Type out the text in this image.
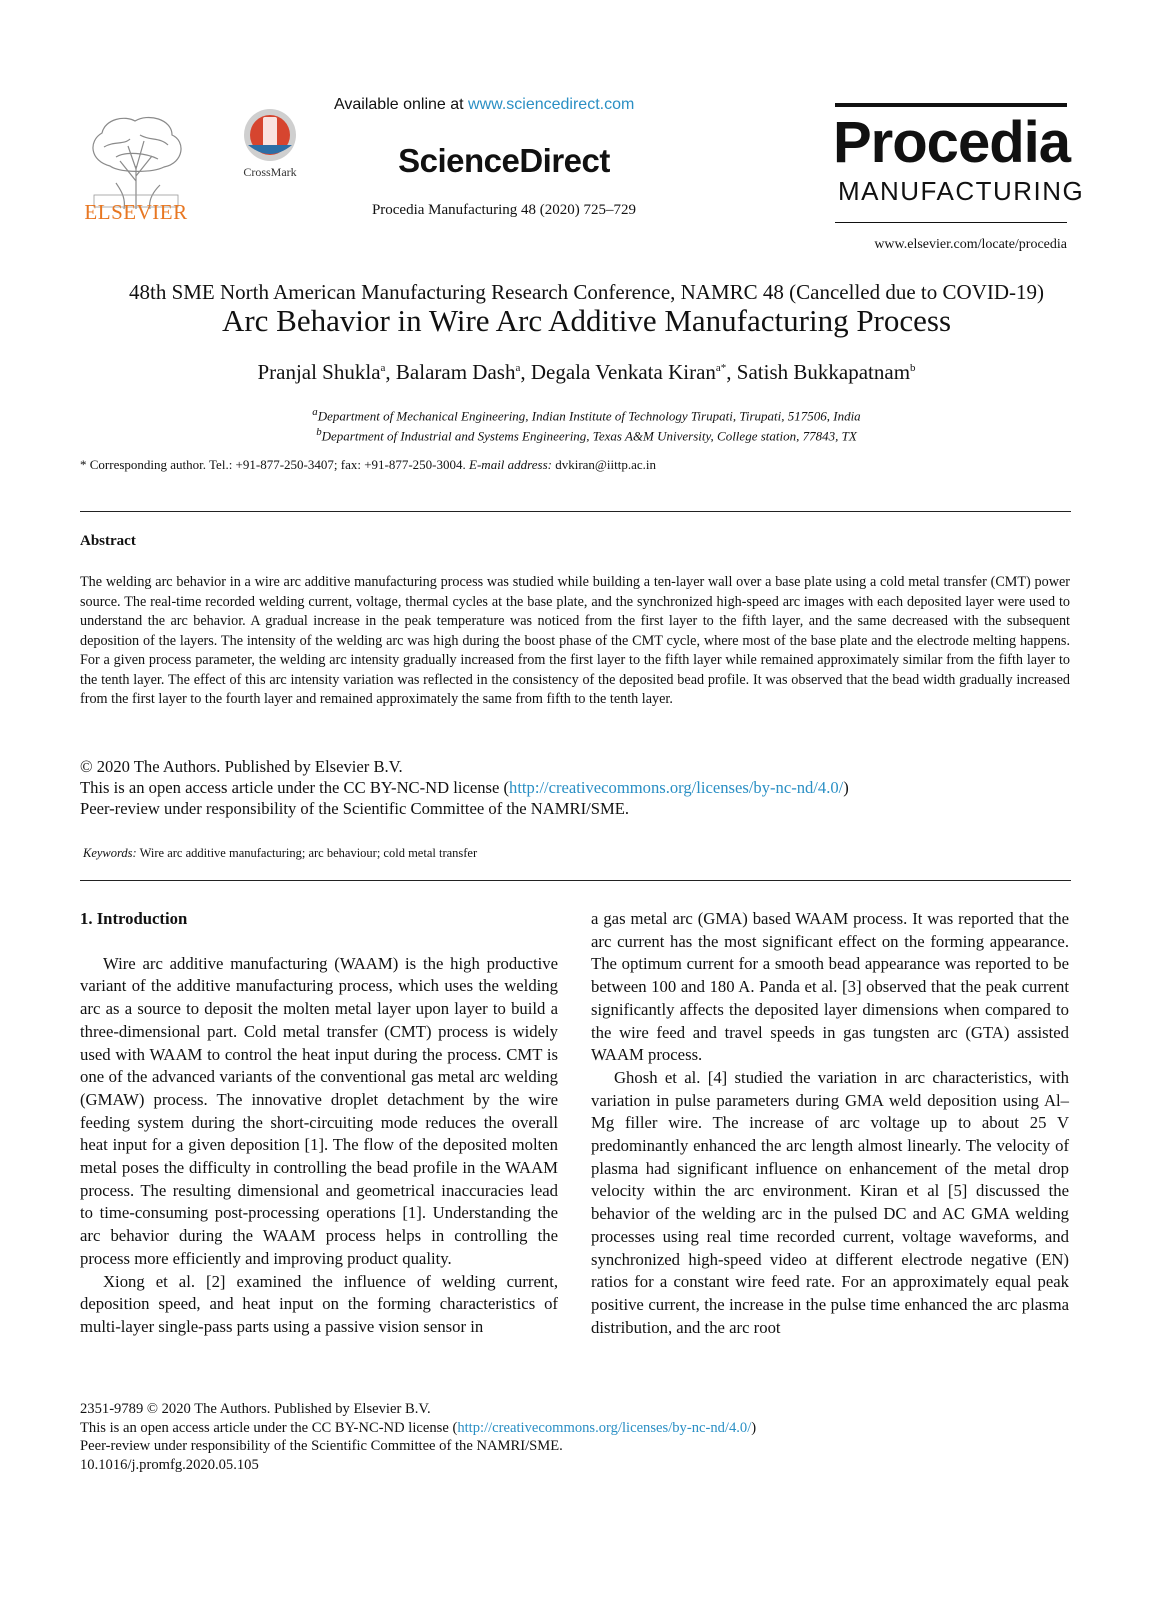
ELSEVIER
CrossMark
Available online at www.sciencedirect.com
ScienceDirect
Procedia Manufacturing 48 (2020) 725–729
Procedia
MANUFACTURING
www.elsevier.com/locate/procedia
48th SME North American Manufacturing Research Conference, NAMRC 48 (Cancelled due to COVID-19)
Arc Behavior in Wire Arc Additive Manufacturing Process
Pranjal Shukla$^a$, Balaram Dash$^a$, Degala Venkata Kiran$^{a*}$, Satish Bukkapatnam$^b$
$^a$Department of Mechanical Engineering, Indian Institute of Technology Tirupati, Tirupati, 517506, India
$^b$Department of Industrial and Systems Engineering, Texas A&M University, College station, 77843, TX
* Corresponding author. Tel.: +91-877-250-3407; fax: +91-877-250-3004. E-mail address: dvkiran@iittp.ac.in
Abstract
The welding arc behavior in a wire arc additive manufacturing process was studied while building a ten-layer wall over a base plate using a cold metal transfer (CMT) power source. The real-time recorded welding current, voltage, thermal cycles at the base plate, and the synchronized high-speed arc images with each deposited layer were used to understand the arc behavior. A gradual increase in the peak temperature was noticed from the first layer to the fifth layer, and the same decreased with the subsequent deposition of the layers. The intensity of the welding arc was high during the boost phase of the CMT cycle, where most of the base plate and the electrode melting happens. For a given process parameter, the welding arc intensity gradually increased from the first layer to the fifth layer while remained approximately similar from the fifth layer to the tenth layer. The effect of this arc intensity variation was reflected in the consistency of the deposited bead profile. It was observed that the bead width gradually increased from the first layer to the fourth layer and remained approximately the same from fifth to the tenth layer.
© 2020 The Authors. Published by Elsevier B.V.
This is an open access article under the CC BY-NC-ND license (http://creativecommons.org/licenses/by-nc-nd/4.0/)
Peer-review under responsibility of the Scientific Committee of the NAMRI/SME.
Keywords: Wire arc additive manufacturing; arc behaviour; cold metal transfer

1. Introduction

Wire arc additive manufacturing (WAAM) is the high productive variant of the additive manufacturing process, which uses the welding arc as a source to deposit the molten metal layer upon layer to build a three-dimensional part. Cold metal transfer (CMT) process is widely used with WAAM to control the heat input during the process. CMT is one of the advanced variants of the conventional gas metal arc welding (GMAW) process. The innovative droplet detachment by the wire feeding system during the short-circuiting mode reduces the overall heat input for a given deposition [1]. The flow of the deposited molten metal poses the difficulty in controlling the bead profile in the WAAM process. The resulting dimensional and geometrical inaccuracies lead to time-consuming post-processing operations [1]. Understanding the arc behavior during the WAAM process helps in controlling the process more efficiently and improving product quality.

Xiong et al. [2] examined the influence of welding current, deposition speed, and heat input on the forming characteristics of multi-layer single-pass parts using a passive vision sensor in

a gas metal arc (GMA) based WAAM process. It was reported that the arc current has the most significant effect on the forming appearance. The optimum current for a smooth bead appearance was reported to be between 100 and 180 A. Panda et al. [3] observed that the peak current significantly affects the deposited layer dimensions when compared to the wire feed and travel speeds in gas tungsten arc (GTA) assisted WAAM process.

Ghosh et al. [4] studied the variation in arc characteristics, with variation in pulse parameters during GMA weld deposition using Al–Mg filler wire. The increase of arc voltage up to about 25 V predominantly enhanced the arc length almost linearly. The velocity of plasma had significant influence on enhancement of the metal drop velocity within the arc environment. Kiran et al [5] discussed the behavior of the welding arc in the pulsed DC and AC GMA welding processes using real time recorded current, voltage waveforms, and synchronized high-speed video at different electrode negative (EN) ratios for a constant wire feed rate. For an approximately equal peak positive current, the increase in the pulse time enhanced the arc plasma distribution, and the arc root

2351-9789 © 2020 The Authors. Published by Elsevier B.V.
This is an open access article under the CC BY-NC-ND license (http://creativecommons.org/licenses/by-nc-nd/4.0/)
Peer-review under responsibility of the Scientific Committee of the NAMRI/SME.
10.1016/j.promfg.2020.05.105
